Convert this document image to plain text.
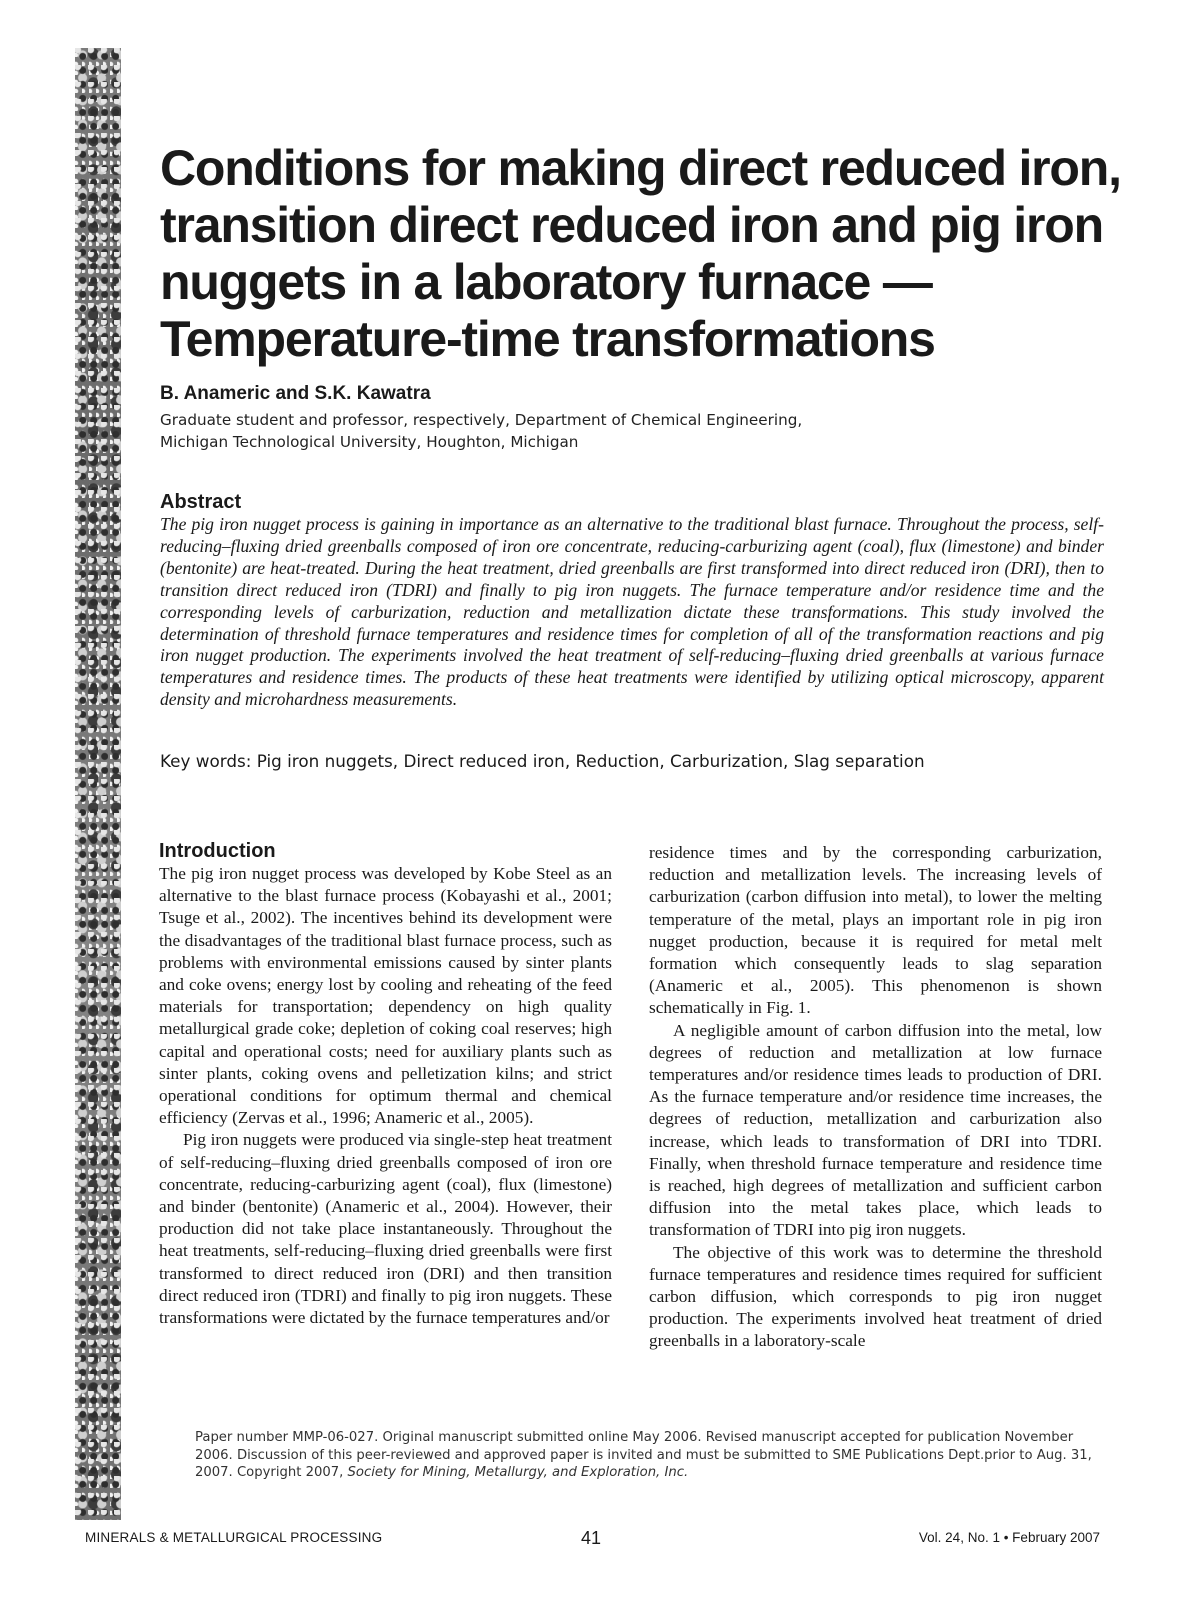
Conditions for making direct reduced iron,
transition direct reduced iron and pig iron
nuggets in a laboratory furnace —
Temperature-time transformations
B. Anameric and S.K. Kawatra
Graduate student and professor, respectively, Department of Chemical Engineering,
Michigan Technological University, Houghton, Michigan
Abstract

The pig iron nugget process is gaining in importance as an alternative to the traditional blast furnace. Throughout the process, self-reducing–fluxing dried greenballs composed of iron ore concentrate, reducing-carburizing agent (coal), flux (limestone) and binder (bentonite) are heat-treated. During the heat treatment, dried greenballs are first transformed into direct reduced iron (DRI), then to transition direct reduced iron (TDRI) and finally to pig iron nuggets. The furnace temperature and/or residence time and the corresponding levels of carburization, reduction and metallization dictate these transformations. This study involved the determination of threshold furnace temperatures and residence times for completion of all of the transformation reactions and pig iron nugget production. The experiments involved the heat treatment of self-reducing–fluxing dried greenballs at various furnace temperatures and residence times. The products of these heat treatments were identified by utilizing optical microscopy, apparent density and microhardness measurements.

Key words: Pig iron nuggets, Direct reduced iron, Reduction, Carburization, Slag separation
Introduction

The pig iron nugget process was developed by Kobe Steel as an alternative to the blast furnace process (Kobayashi et al., 2001; Tsuge et al., 2002). The incentives behind its development were the disadvantages of the traditional blast furnace process, such as problems with environmental emissions caused by sinter plants and coke ovens; energy lost by cooling and reheating of the feed materials for transportation; dependency on high quality metallurgical grade coke; depletion of coking coal reserves; high capital and operational costs; need for auxiliary plants such as sinter plants, coking ovens and pelletization kilns; and strict operational conditions for optimum thermal and chemical efficiency (Zervas et al., 1996; Anameric et al., 2005).

Pig iron nuggets were produced via single-step heat treatment of self-reducing–fluxing dried greenballs composed of iron ore concentrate, reducing-carburizing agent (coal), flux (limestone) and binder (bentonite) (Anameric et al., 2004). However, their production did not take place instantaneously. Throughout the heat treatments, self-reducing–fluxing dried greenballs were first transformed to direct reduced iron (DRI) and then transition direct reduced iron (TDRI) and finally to pig iron nuggets. These transformations were dictated by the furnace temperatures and/or

residence times and by the corresponding carburization, reduction and metallization levels. The increasing levels of carburization (carbon diffusion into metal), to lower the melting temperature of the metal, plays an important role in pig iron nugget production, because it is required for metal melt formation which consequently leads to slag separation (Anameric et al., 2005). This phenomenon is shown schematically in Fig. 1.

A negligible amount of carbon diffusion into the metal, low degrees of reduction and metallization at low furnace temperatures and/or residence times leads to production of DRI. As the furnace temperature and/or residence time increases, the degrees of reduction, metallization and carburization also increase, which leads to transformation of DRI into TDRI. Finally, when threshold furnace temperature and residence time is reached, high degrees of metallization and sufficient carbon diffusion into the metal takes place, which leads to transformation of TDRI into pig iron nuggets.

The objective of this work was to determine the threshold furnace temperatures and residence times required for sufficient carbon diffusion, which corresponds to pig iron nugget production. The experiments involved heat treatment of dried greenballs in a laboratory-scale

Paper number MMP-06-027. Original manuscript submitted online May 2006. Revised manuscript accepted for publication November 2006. Discussion of this peer-reviewed and approved paper is invited and must be submitted to SME Publications Dept.prior to Aug. 31, 2007. Copyright 2007, Society for Mining, Metallurgy, and Exploration, Inc.
MINERALS & METALLURGICAL PROCESSING	41	Vol. 24, No. 1 • February 2007
